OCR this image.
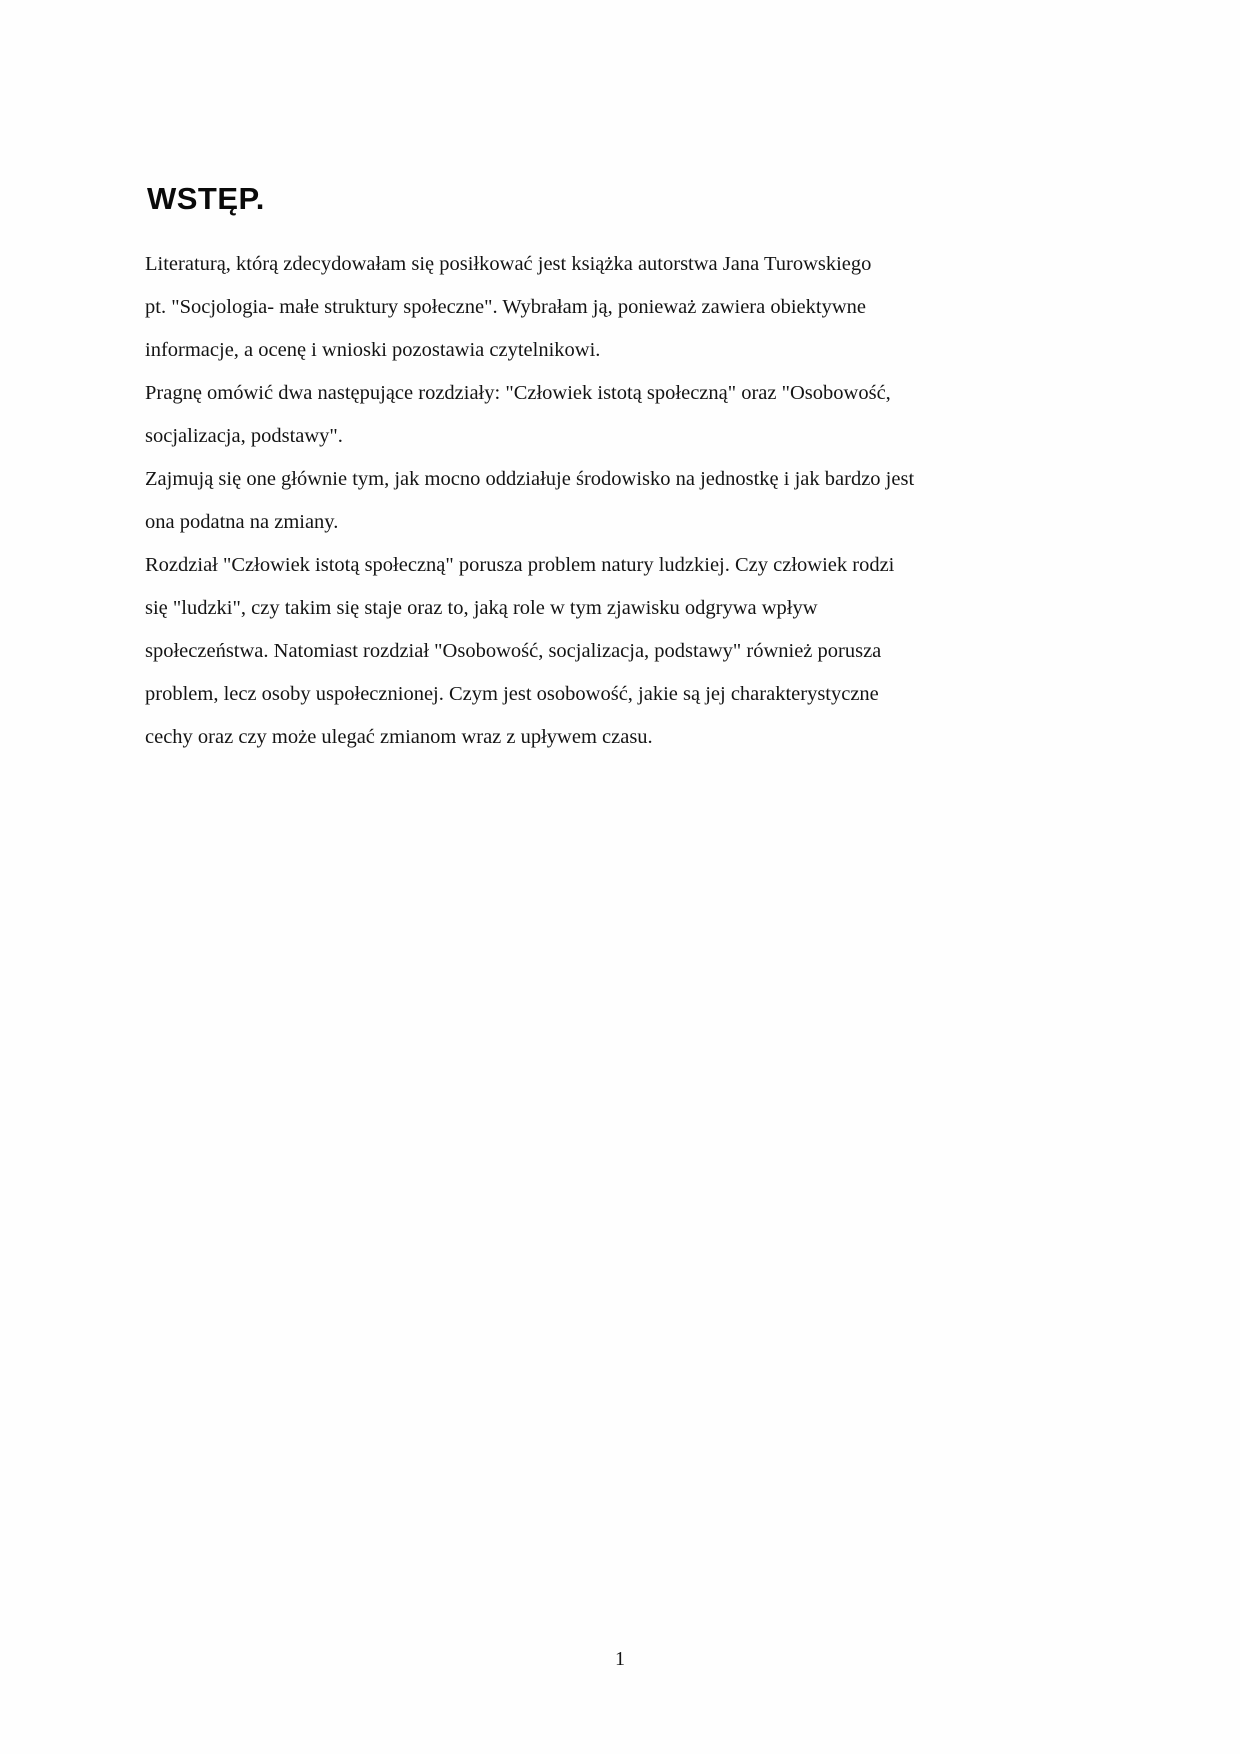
WSTĘP.
Literaturą, którą zdecydowałam się posiłkować jest książka autorstwa Jana Turowskiego
pt. "Socjologia- małe struktury społeczne". Wybrałam ją, ponieważ zawiera obiektywne
informacje, a ocenę i wnioski pozostawia czytelnikowi.
Pragnę omówić dwa następujące rozdziały: "Człowiek istotą społeczną" oraz "Osobowość,
socjalizacja, podstawy".
Zajmują się one głównie tym, jak mocno oddziałuje środowisko na jednostkę i jak bardzo jest
ona podatna na zmiany.
Rozdział "Człowiek istotą społeczną" porusza problem natury ludzkiej. Czy człowiek rodzi
się "ludzki", czy takim się staje oraz to, jaką role w tym zjawisku odgrywa wpływ
społeczeństwa. Natomiast rozdział "Osobowość, socjalizacja, podstawy" również porusza
problem, lecz osoby uspołecznionej. Czym jest osobowość, jakie są jej charakterystyczne
cechy oraz czy może ulegać zmianom wraz z upływem czasu.
1
